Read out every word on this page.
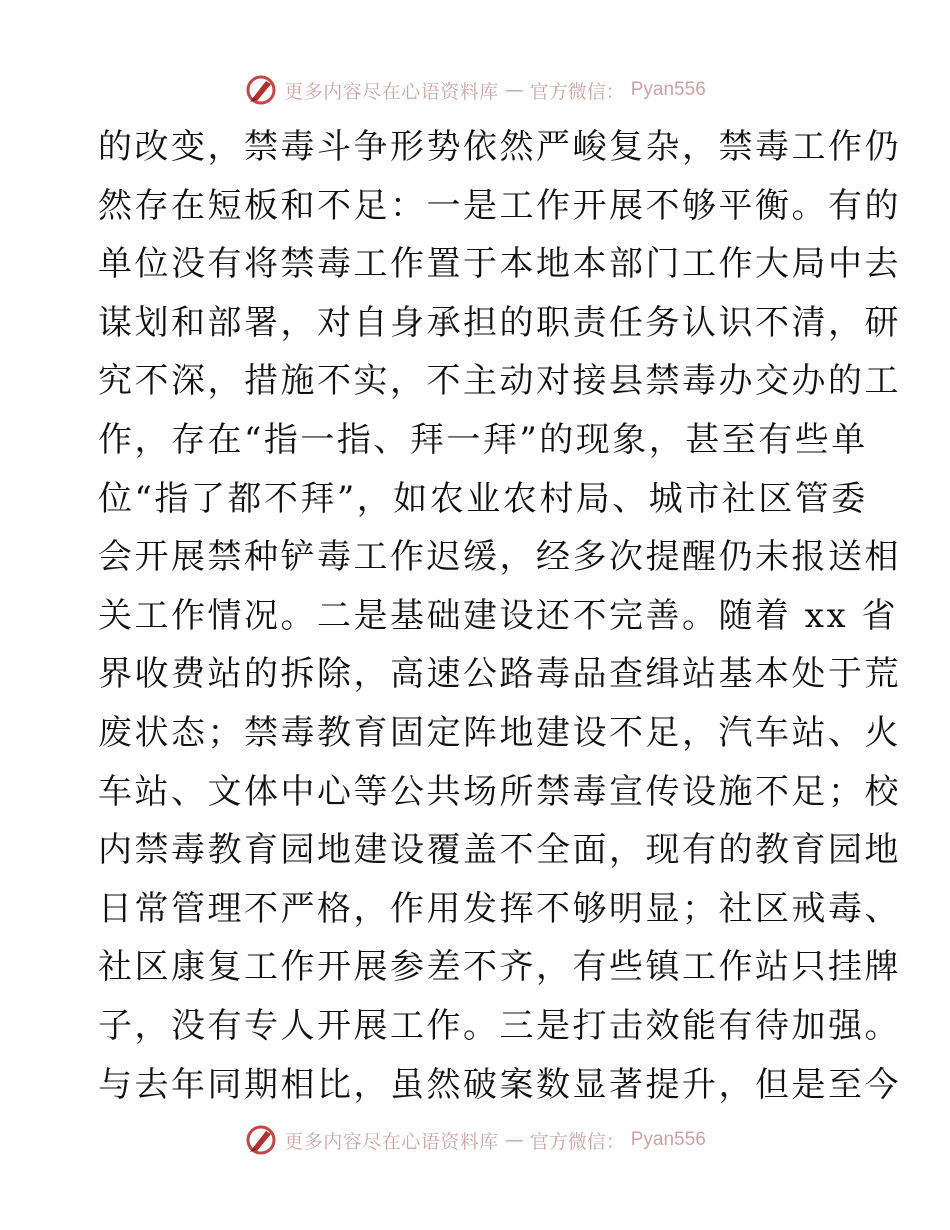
更多内容尽在心语资料库 — 官方微信： Pyan556
的改变，禁毒斗争形势依然严峻复杂，禁毒工作仍
然存在短板和不足：一是工作开展不够平衡。有的
单位没有将禁毒工作置于本地本部门工作大局中去
谋划和部署，对自身承担的职责任务认识不清，研
究不深，措施不实，不主动对接县禁毒办交办的工
作，存在“指一指、拜一拜”的现象，甚至有些单
位“指了都不拜”，如农业农村局、城市社区管委
会开展禁种铲毒工作迟缓，经多次提醒仍未报送相
关工作情况。二是基础建设还不完善。随着 xx 省
界收费站的拆除，高速公路毒品查缉站基本处于荒
废状态；禁毒教育固定阵地建设不足，汽车站、火
车站、文体中心等公共场所禁毒宣传设施不足；校
内禁毒教育园地建设覆盖不全面，现有的教育园地
日常管理不严格，作用发挥不够明显；社区戒毒、
社区康复工作开展参差不齐，有些镇工作站只挂牌
子，没有专人开展工作。三是打击效能有待加强。
与去年同期相比，虽然破案数显著提升，但是至今
更多内容尽在心语资料库 — 官方微信： Pyan556
